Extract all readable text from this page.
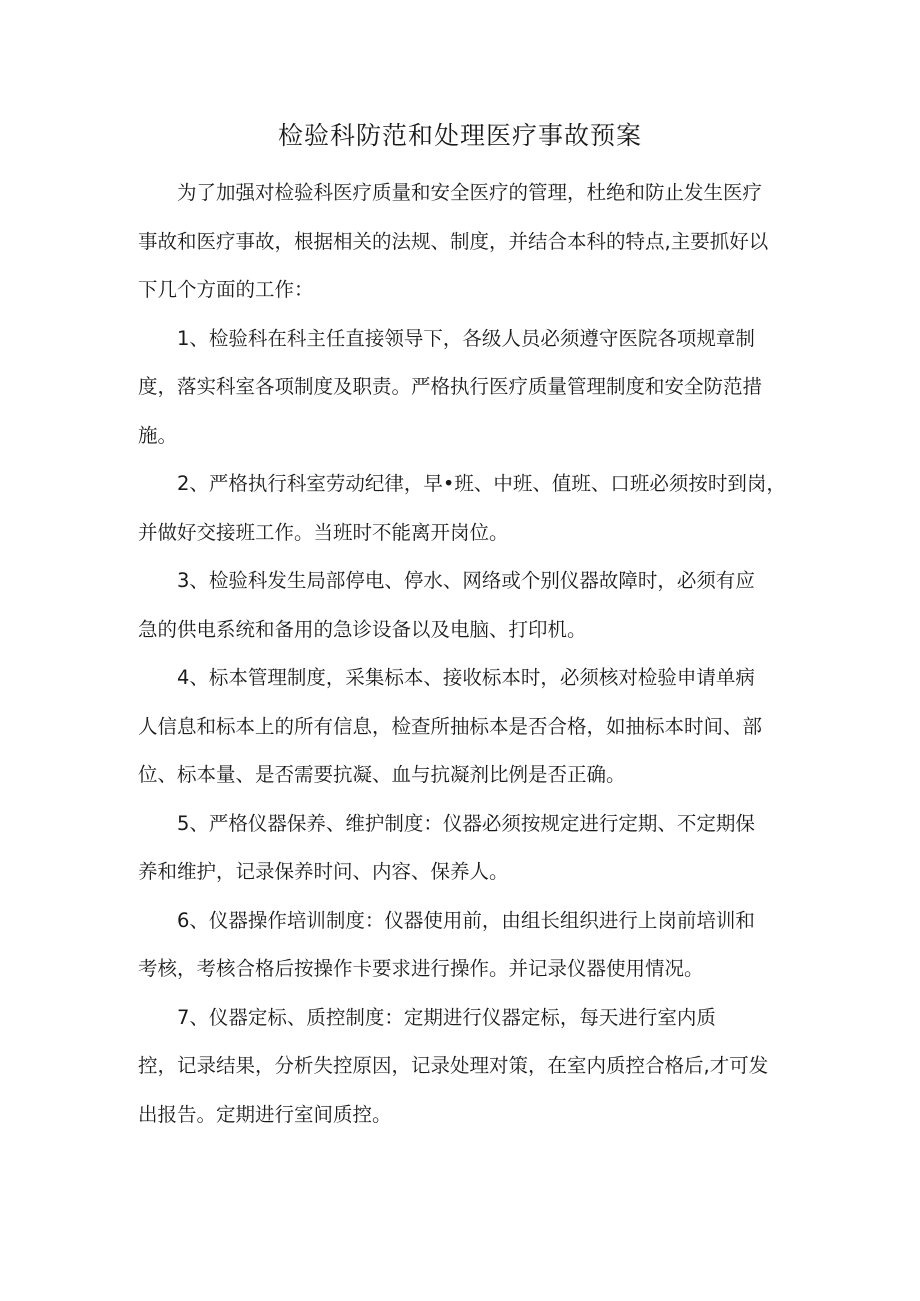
检验科防范和处理医疗事故预案

为了加强对检验科医疗质量和安全医疗的管理，杜绝和防止发生医疗
事故和医疗事故，根据相关的法规、制度，并结合本科的特点,主要抓好以
下几个方面的工作：

1、检验科在科主任直接领导下，各级人员必须遵守医院各项规章制
度，落实科室各项制度及职责。严格执行医疗质量管理制度和安全防范措
施。

2、严格执行科室劳动纪律，早•班、中班、值班、口班必须按时到岗，
并做好交接班工作。当班时不能离开岗位。

3、检验科发生局部停电、停水、网络或个别仪器故障时，必须有应
急的供电系统和备用的急诊设备以及电脑、打印机。

4、标本管理制度，采集标本、接收标本时，必须核对检验申请单病
人信息和标本上的所有信息，检查所抽标本是否合格，如抽标本时间、部
位、标本量、是否需要抗凝、血与抗凝剂比例是否正确。

5、严格仪器保养、维护制度：仪器必须按规定进行定期、不定期保
养和维护，记录保养时问、内容、保养人。

6、仪器操作培训制度：仪器使用前，由组长组织进行上岗前培训和
考核，考核合格后按操作卡要求进行操作。并记录仪器使用情况。

7、仪器定标、质控制度：定期进行仪器定标，每天进行室内质
控，记录结果，分析失控原因，记录处理对策，在室内质控合格后,才可发
出报告。定期进行室间质控。
